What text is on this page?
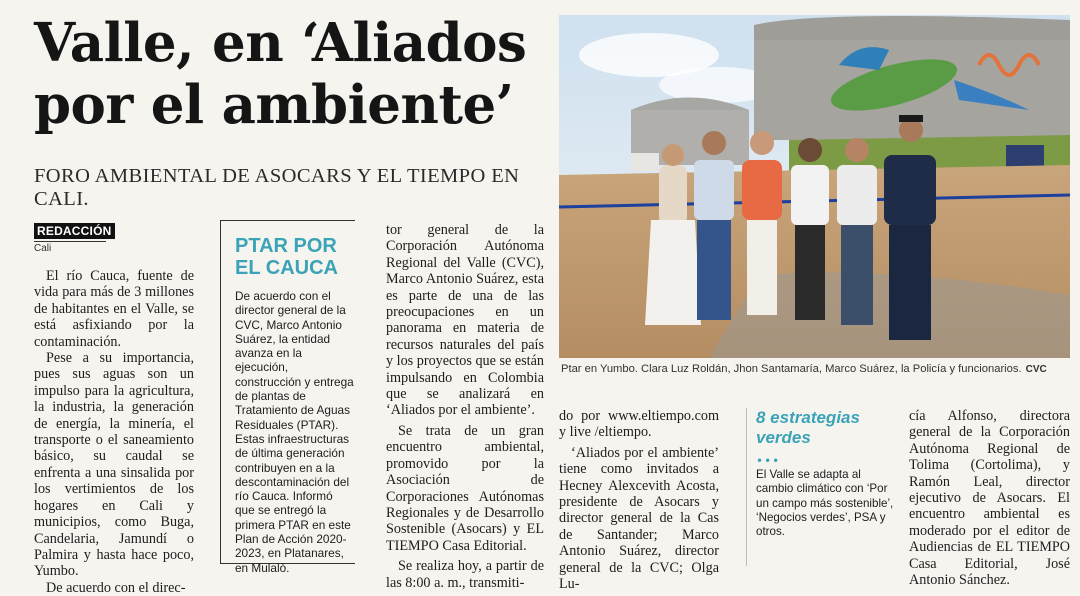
Valle, en ‘Aliados por el ambiente’
FORO AMBIENTAL DE ASOCARS Y EL TIEMPO EN CALI.
REDACCIÓN
Cali

El río Cauca, fuente de vida para más de 3 millones de habitantes en el Valle, se está asfixiando por la contaminación.

Pese a su importancia, pues sus aguas son un impulso para la agricultura, la industria, la generación de energía, la minería, el transporte o el saneamiento básico, su caudal se enfrenta a una sinsalida por los vertimientos de los hogares en Cali y municipios, como Buga, Candelaria, Jamundí o Palmira y hasta hace poco, Yumbo.

De acuerdo con el direc-

PTAR POR EL CAUCA
De acuerdo con el director general de la CVC, Marco Antonio Suárez, la entidad avanza en la ejecución, construcción y entrega de plantas de Tratamiento de Aguas Residuales (PTAR). Estas infraestructuras de última generación contribuyen en a la descontaminación del río Cauca. Informó que se entregó la primera PTAR en este Plan de Acción 2020-2023, en Platanares, en Mulaló.

tor general de la Corporación Autónoma Regional del Valle (CVC), Marco Antonio Suárez, esta es parte de una de las preocupaciones en un panorama en materia de recursos naturales del país y los proyectos que se están impulsando en Colombia que se analizará en ‘Aliados por el ambiente’.

Se trata de un gran encuentro ambiental, promovido por la Asociación de Corporaciones Autónomas Regionales y de Desarrollo Sostenible (Asocars) y EL TIEMPO Casa Editorial.

Se realiza hoy, a partir de las 8:00 a. m., transmiti-

Ptar en Yumbo. Clara Luz Roldán, Jhon Santamaría, Marco Suárez, la Policía y funcionarios. CVC

do por www.eltiempo.com y live /eltiempo.

‘Aliados por el ambiente’ tiene como invitados a Hecney Alexcevith Acosta, presidente de Asocars y director general de la Cas de Santander; Marco Antonio Suárez, director general de la CVC; Olga Lu-

8 estrategias verdes
•••
El Valle se adapta al cambio climático con ‘Por un campo más sostenible’, ‘Negocios verdes’, PSA y otros.

cía Alfonso, directora general de la Corporación Autónoma Regional de Tolima (Cortolima), y Ramón Leal, director ejecutivo de Asocars. El encuentro ambiental es moderado por el editor de Audiencias de EL TIEMPO Casa Editorial, José Antonio Sánchez.
